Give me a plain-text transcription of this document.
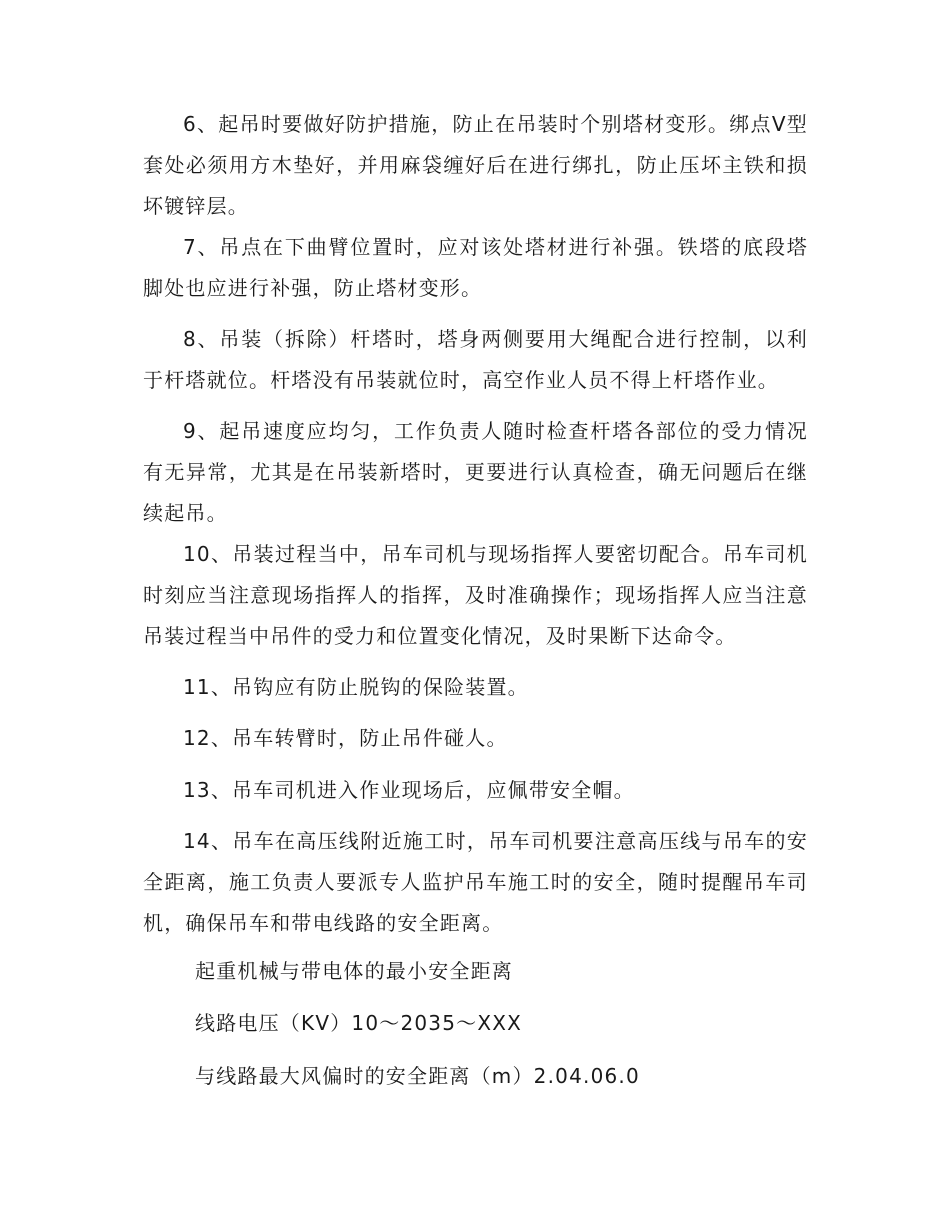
6、起吊时要做好防护措施，防止在吊装时个别塔材变形。绑点V型套处必须用方木垫好，并用麻袋缠好后在进行绑扎，防止压坏主铁和损坏镀锌层。

7、吊点在下曲臂位置时，应对该处塔材进行补强。铁塔的底段塔脚处也应进行补强，防止塔材变形。

8、吊装（拆除）杆塔时，塔身两侧要用大绳配合进行控制，以利于杆塔就位。杆塔没有吊装就位时，高空作业人员不得上杆塔作业。

9、起吊速度应均匀，工作负责人随时检查杆塔各部位的受力情况有无异常，尤其是在吊装新塔时，更要进行认真检查，确无问题后在继续起吊。

10、吊装过程当中，吊车司机与现场指挥人要密切配合。吊车司机时刻应当注意现场指挥人的指挥，及时准确操作；现场指挥人应当注意吊装过程当中吊件的受力和位置变化情况，及时果断下达命令。

11、吊钩应有防止脱钩的保险装置。

12、吊车转臂时，防止吊件碰人。

13、吊车司机进入作业现场后，应佩带安全帽。

14、吊车在高压线附近施工时，吊车司机要注意高压线与吊车的安全距离，施工负责人要派专人监护吊车施工时的安全，随时提醒吊车司机，确保吊车和带电线路的安全距离。

起重机械与带电体的最小安全距离

线路电压（KV）10～2035～XXX

与线路最大风偏时的安全距离（m）2.04.06.0
